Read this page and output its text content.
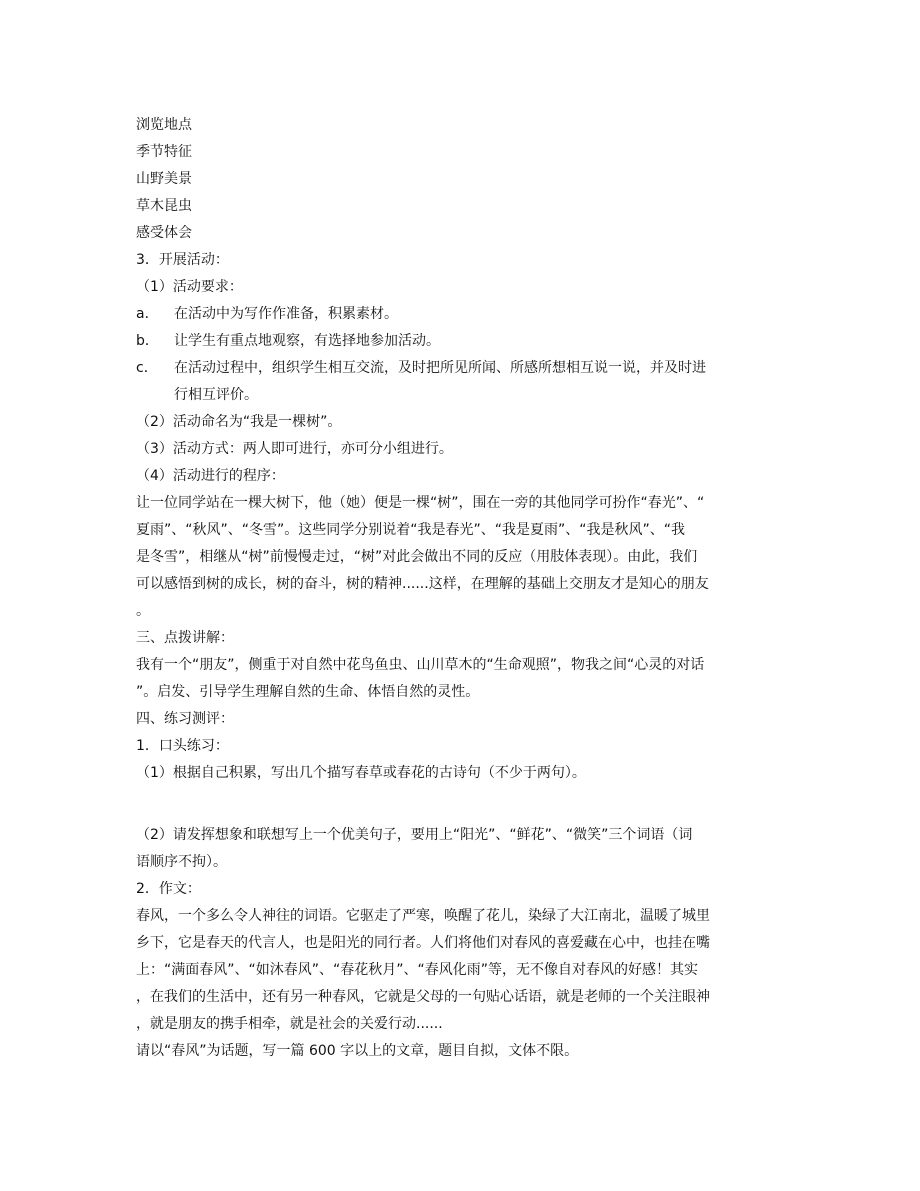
浏览地点
季节特征
山野美景
草木昆虫
感受体会
3．开展活动：
（1）活动要求：
a． 在活动中为写作作准备，积累素材。
b． 让学生有重点地观察，有选择地参加活动。
c． 在活动过程中，组织学生相互交流，及时把所见所闻、所感所想相互说一说，并及时进
行相互评价。
（2）活动命名为“我是一棵树”。
（3）活动方式：两人即可进行，亦可分小组进行。
（4）活动进行的程序：
让一位同学站在一棵大树下，他（她）便是一棵“树”，围在一旁的其他同学可扮作“春光”、“
夏雨”、“秋风”、“冬雪”。这些同学分别说着“我是春光”、“我是夏雨”、“我是秋风”、“我
是冬雪”，相继从“树”前慢慢走过，“树”对此会做出不同的反应（用肢体表现）。由此，我们
可以感悟到树的成长，树的奋斗，树的精神......这样，在理解的基础上交朋友才是知心的朋友
。
三、点拨讲解：
我有一个“朋友”，侧重于对自然中花鸟鱼虫、山川草木的“生命观照”，物我之间“心灵的对话
”。启发、引导学生理解自然的生命、体悟自然的灵性。
四、练习测评：
1．口头练习：
（1）根据自己积累，写出几个描写春草或春花的古诗句（不少于两句）。
（2）请发挥想象和联想写上一个优美句子，要用上“阳光”、“鲜花”、“微笑”三个词语（词
语顺序不拘）。
2．作文：
春风，一个多么令人神往的词语。它驱走了严寒，唤醒了花儿，染绿了大江南北，温暖了城里
乡下，它是春天的代言人，也是阳光的同行者。人们将他们对春风的喜爱藏在心中，也挂在嘴
上：“满面春风”、“如沐春风”、“春花秋月”、“春风化雨”等，无不像自对春风的好感！其实
，在我们的生活中，还有另一种春风，它就是父母的一句贴心话语，就是老师的一个关注眼神
，就是朋友的携手相牵，就是社会的关爱行动......
请以“春风”为话题，写一篇 600 字以上的文章，题目自拟，文体不限。
